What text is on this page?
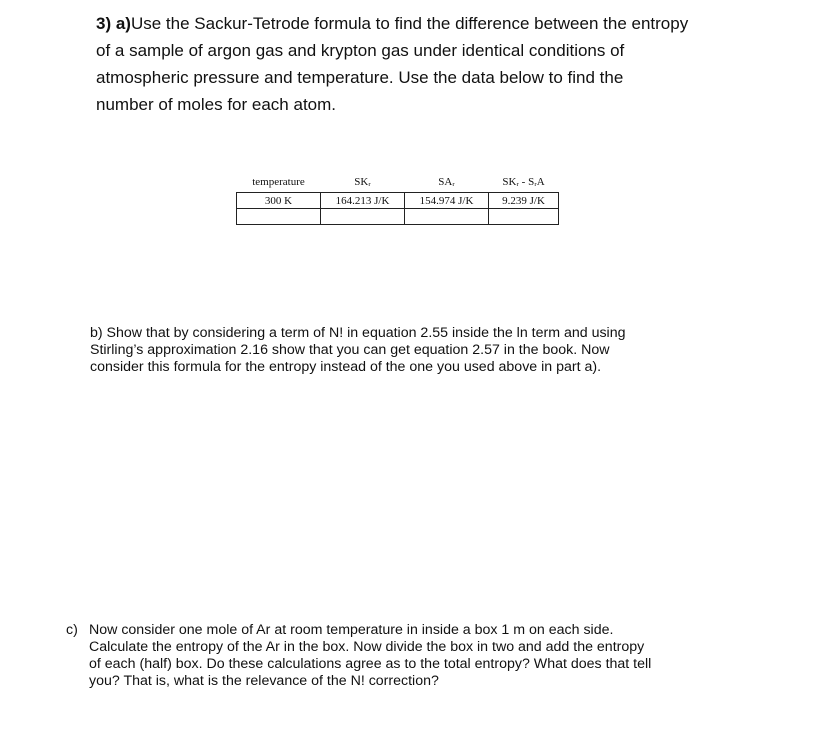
3) a)Use the Sackur-Tetrode formula to find the difference between the entropy
of a sample of argon gas and krypton gas under identical conditions of
atmospheric pressure and temperature. Use the data below to find the
number of moles for each atom.
temperature	SKᵣ	SAᵣ	SKᵣ - SᵣA
300 K	164.213 J/K	154.974 J/K	9.239 J/K

b) Show that by considering a term of N! in equation 2.55 inside the ln term and using
Stirling’s approximation 2.16 show that you can get equation 2.57 in the book. Now
consider this formula for the entropy instead of the one you used above in part a).
c) Now consider one mole of Ar at room temperature in inside a box 1 m on each side.
Calculate the entropy of the Ar in the box. Now divide the box in two and add the entropy
of each (half) box. Do these calculations agree as to the total entropy? What does that tell
you? That is, what is the relevance of the N! correction?
